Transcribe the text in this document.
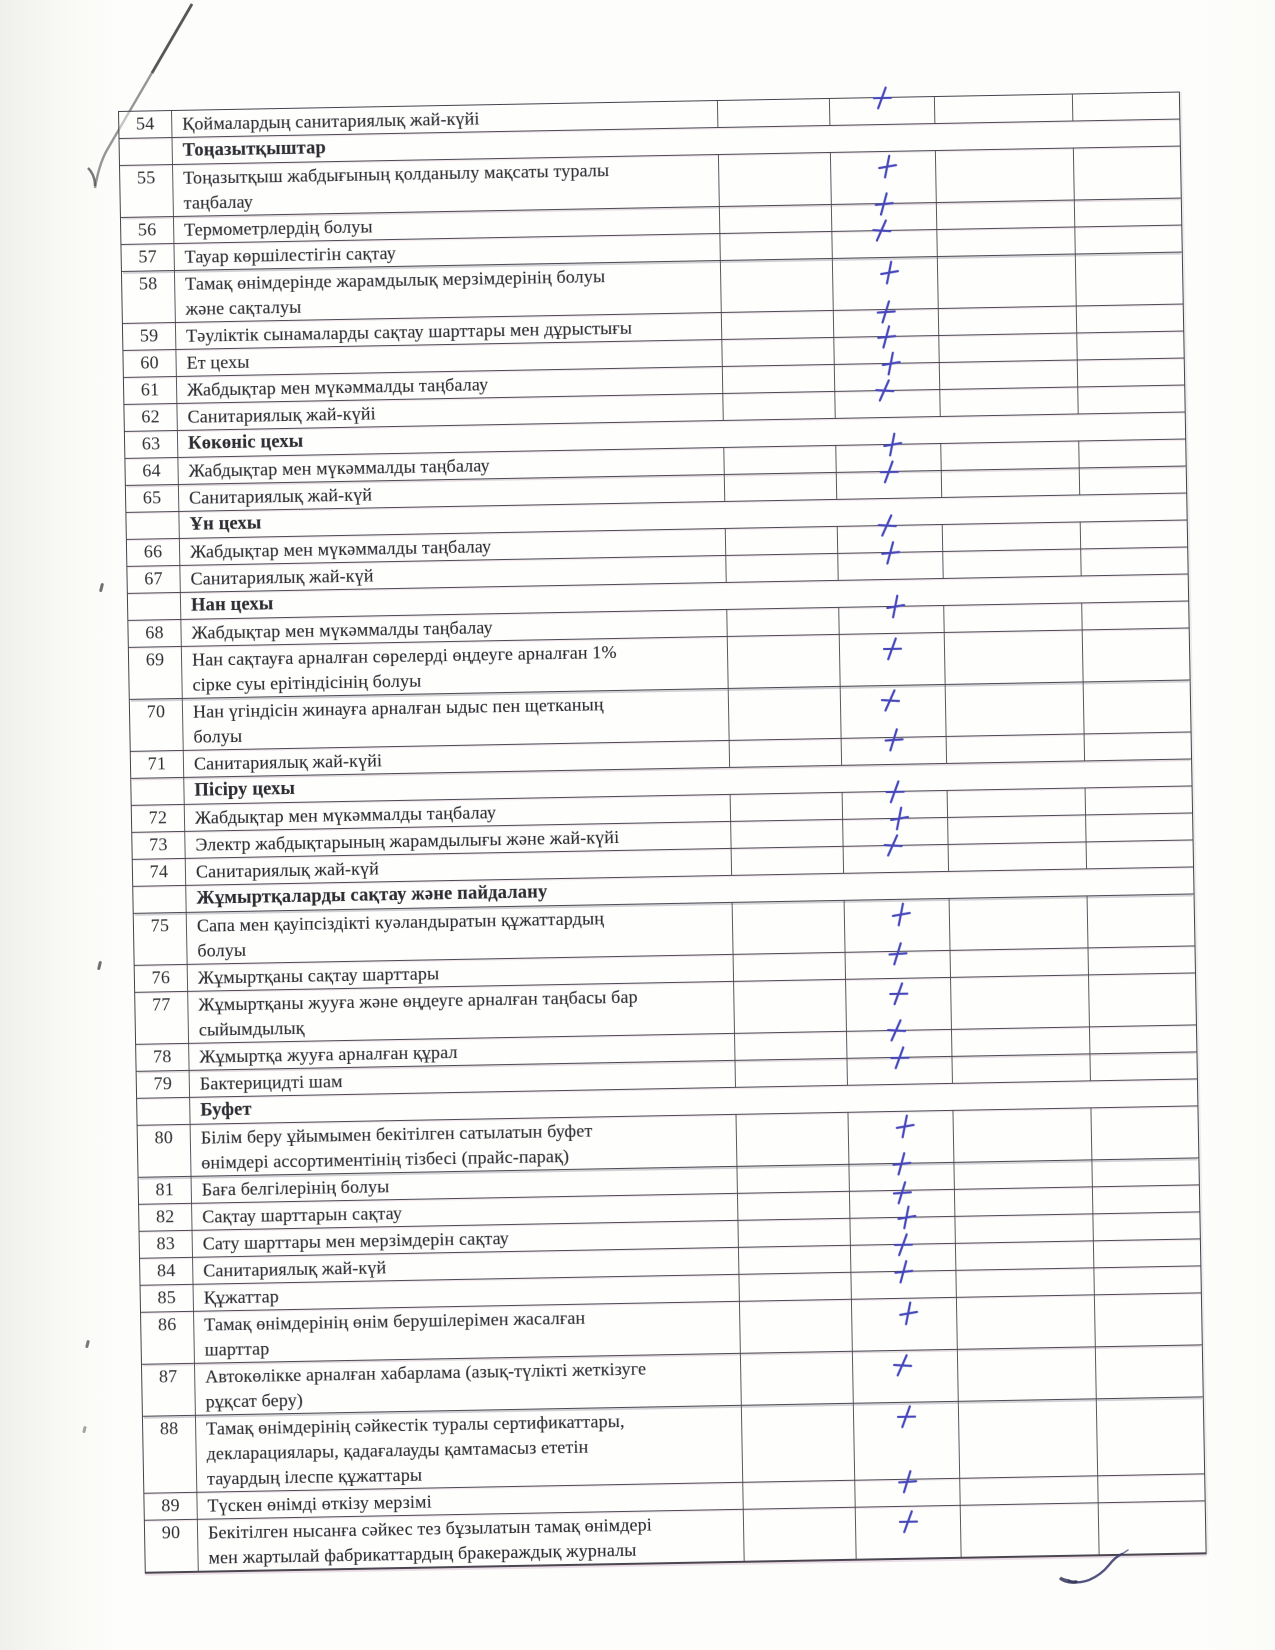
54	Қоймалардың санитариялық жай-күйі
Тоңазытқыштар
55	Тоңазытқыш жабдығының қолданылу мақсаты туралы
таңбалау
56	Термометрлердің болуы
57	Тауар көршілестігін сақтау
58	Тамақ өнімдерінде жарамдылық мерзімдерінің болуы
және сақталуы
59	Тәуліктік сынамаларды сақтау шарттары мен дұрыстығы
60	Ет цехы
61	Жабдықтар мен мүкәммалды таңбалау
62	Санитариялық жай-күйі
63	Көкөніс цехы
64	Жабдықтар мен мүкәммалды таңбалау
65	Санитариялық жай-күй
Ұн цехы
66	Жабдықтар мен мүкәммалды таңбалау
67	Санитариялық жай-күй
Нан цехы
68	Жабдықтар мен мүкәммалды таңбалау
69	Нан сақтауға арналған сөрелерді өңдеуге арналған 1%
сірке суы ерітіндісінің болуы
70	Нан үгіндісін жинауға арналған ыдыс пен щетканың
болуы
71	Санитариялық жай-күйі
Пісіру цехы
72	Жабдықтар мен мүкәммалды таңбалау
73	Электр жабдықтарының жарамдылығы және жай-күйі
74	Санитариялық жай-күй
Жұмыртқаларды сақтау және пайдалану
75	Сапа мен қауіпсіздікті куәландыратын құжаттардың
болуы
76	Жұмыртқаны сақтау шарттары
77	Жұмыртқаны жууға және өңдеуге арналған таңбасы бар
сыйымдылық
78	Жұмыртқа жууға арналған құрал
79	Бактерицидті шам
Буфет
80	Білім беру ұйымымен бекітілген сатылатын буфет
өнімдері ассортиментінің тізбесі (прайс-парақ)
81	Баға белгілерінің болуы
82	Сақтау шарттарын сақтау
83	Сату шарттары мен мерзімдерін сақтау
84	Санитариялық жай-күй
85	Құжаттар
86	Тамақ өнімдерінің өнім берушілерімен жасалған
шарттар
87	Автокөлікке арналған хабарлама (азық-түлікті жеткізуге
рұқсат беру)
88	Тамақ өнімдерінің сәйкестік туралы сертификаттары,
декларациялары, қадағалауды қамтамасыз ететін
тауардың ілеспе құжаттары
89	Түскен өнімді өткізу мерзімі
90	Бекітілген нысанға сәйкес тез бұзылатын тамақ өнімдері
мен жартылай фабрикаттардың бракераждық журналы
